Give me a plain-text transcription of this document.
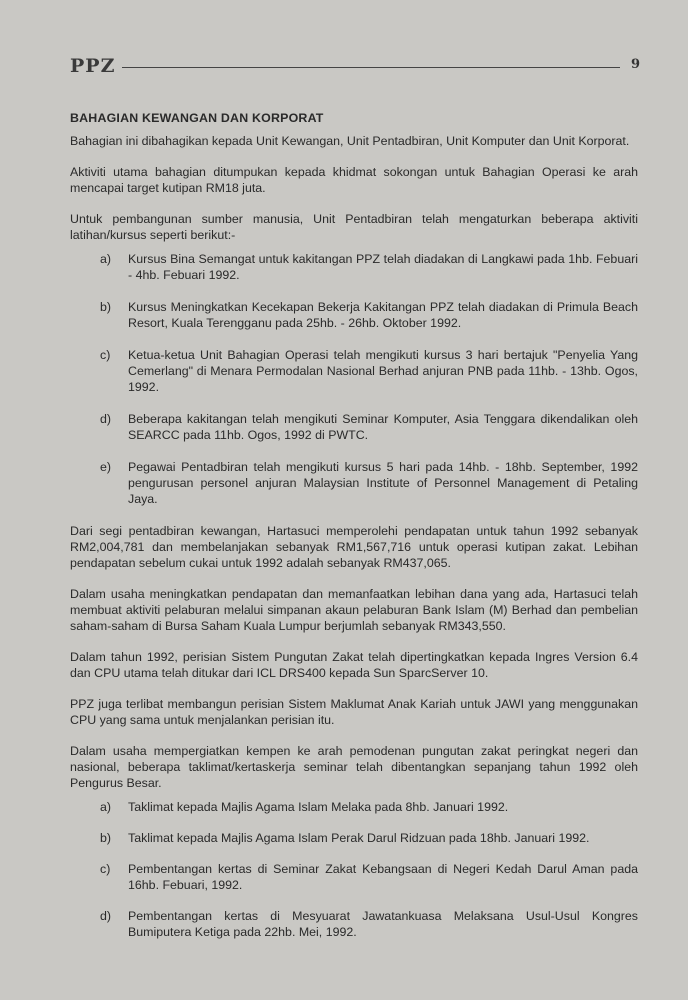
PPZ	9
BAHAGIAN KEWANGAN DAN KORPORAT

Bahagian ini dibahagikan kepada Unit Kewangan, Unit Pentadbiran, Unit Komputer dan Unit Korporat.

Aktiviti utama bahagian ditumpukan kepada khidmat sokongan untuk Bahagian Operasi ke arah mencapai target kutipan RM18 juta.

Untuk pembangunan sumber manusia, Unit Pentadbiran telah mengaturkan beberapa aktiviti latihan/kursus seperti berikut:-

a)	Kursus Bina Semangat untuk kakitangan PPZ telah diadakan di Langkawi pada 1hb. Febuari - 4hb. Febuari 1992.
b)	Kursus Meningkatkan Kecekapan Bekerja Kakitangan PPZ telah diadakan di Primula Beach Resort, Kuala Terengganu pada 25hb. - 26hb. Oktober 1992.
c)	Ketua-ketua Unit Bahagian Operasi telah mengikuti kursus 3 hari bertajuk "Penyelia Yang Cemerlang" di Menara Permodalan Nasional Berhad anjuran PNB pada 11hb. - 13hb. Ogos, 1992.
d)	Beberapa kakitangan telah mengikuti Seminar Komputer, Asia Tenggara dikendalikan oleh SEARCC pada 11hb. Ogos, 1992 di PWTC.
e)	Pegawai Pentadbiran telah mengikuti kursus 5 hari pada 14hb. - 18hb. September, 1992 pengurusan personel anjuran Malaysian Institute of Personnel Management di Petaling Jaya.

Dari segi pentadbiran kewangan, Hartasuci memperolehi pendapatan untuk tahun 1992 sebanyak RM2,004,781 dan membelanjakan sebanyak RM1,567,716 untuk operasi kutipan zakat. Lebihan pendapatan sebelum cukai untuk 1992 adalah sebanyak RM437,065.

Dalam usaha meningkatkan pendapatan dan memanfaatkan lebihan dana yang ada, Hartasuci telah membuat aktiviti pelaburan melalui simpanan akaun pelaburan Bank Islam (M) Berhad dan pembelian saham-saham di Bursa Saham Kuala Lumpur berjumlah sebanyak RM343,550.

Dalam tahun 1992, perisian Sistem Pungutan Zakat telah dipertingkatkan kepada Ingres Version 6.4 dan CPU utama telah ditukar dari ICL DRS400 kepada Sun SparcServer 10.

PPZ juga terlibat membangun perisian Sistem Maklumat Anak Kariah untuk JAWI yang menggunakan CPU yang sama untuk menjalankan perisian itu.

Dalam usaha mempergiatkan kempen ke arah pemodenan pungutan zakat peringkat negeri dan nasional, beberapa taklimat/kertaskerja seminar telah dibentangkan sepanjang tahun 1992 oleh Pengurus Besar.

a)	Taklimat kepada Majlis Agama Islam Melaka pada 8hb. Januari 1992.
b)	Taklimat kepada Majlis Agama Islam Perak Darul Ridzuan pada 18hb. Januari 1992.
c)	Pembentangan kertas di Seminar Zakat Kebangsaan di Negeri Kedah Darul Aman pada 16hb. Febuari, 1992.
d)	Pembentangan kertas di Mesyuarat Jawatankuasa Melaksana Usul-Usul Kongres Bumiputera Ketiga pada 22hb. Mei, 1992.
